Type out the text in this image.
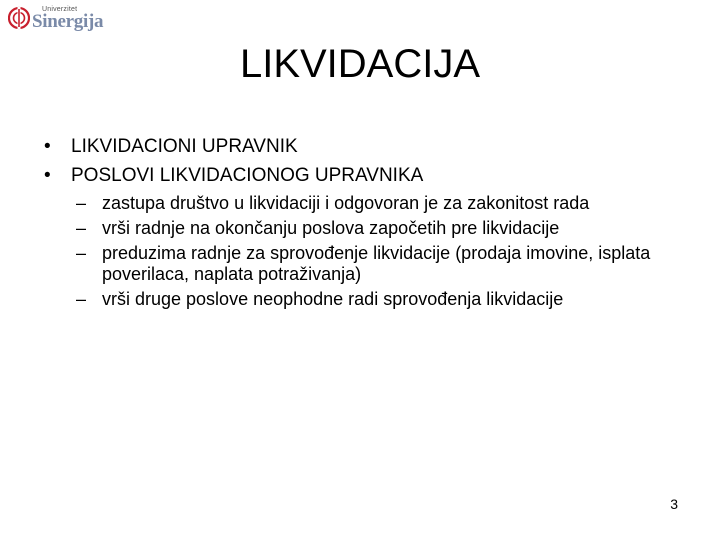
Univerzitet
Sinergija
LIKVIDACIJA
• LIKVIDACIONI UPRAVNIK
• POSLOVI LIKVIDACIONOG UPRAVNIKA
– zastupa društvo u likvidaciji i odgovoran je za zakonitost rada
– vrši radnje na okončanju poslova započetih pre likvidacije
– preduzima radnje za sprovođenje likvidacije (prodaja imovine, isplata poverilaca, naplata potraživanja)
– vrši druge poslove neophodne radi sprovođenja likvidacije
3
